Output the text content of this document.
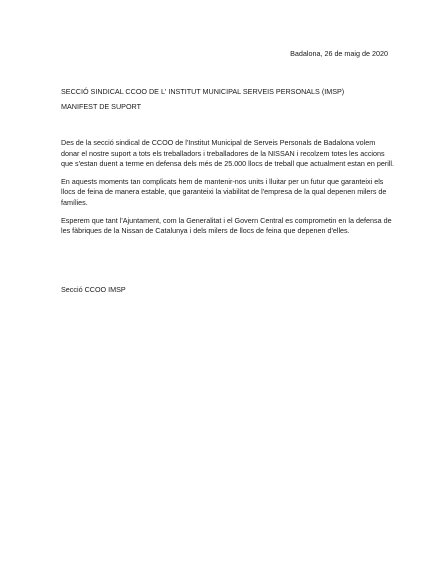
Badalona, 26 de maig de 2020
SECCIÓ SINDICAL CCOO DE L' INSTITUT MUNICIPAL SERVEIS PERSONALS (IMSP)
MANIFEST DE SUPORT

Des de la secció sindical de CCOO de l'Institut Municipal de Serveis Personals de Badalona volem donar el nostre suport a tots els treballadors i treballadores de la NISSAN i recolzem totes les accions que s'estan duent a terme en defensa dels més de 25.000 llocs de treball que actualment estan en perill.

En aquests moments tan complicats hem de mantenir-nos units i lluitar per un futur que garanteixi els llocs de feina de manera estable, que garanteixi la viabilitat de l'empresa de la qual depenen milers de famílies.

Esperem que tant l'Ajuntament, com la Generalitat i el Govern Central es comprometin en la defensa de les fàbriques de la Nissan de Catalunya i dels milers de llocs de feina que depenen d'elles.

Secció CCOO IMSP
